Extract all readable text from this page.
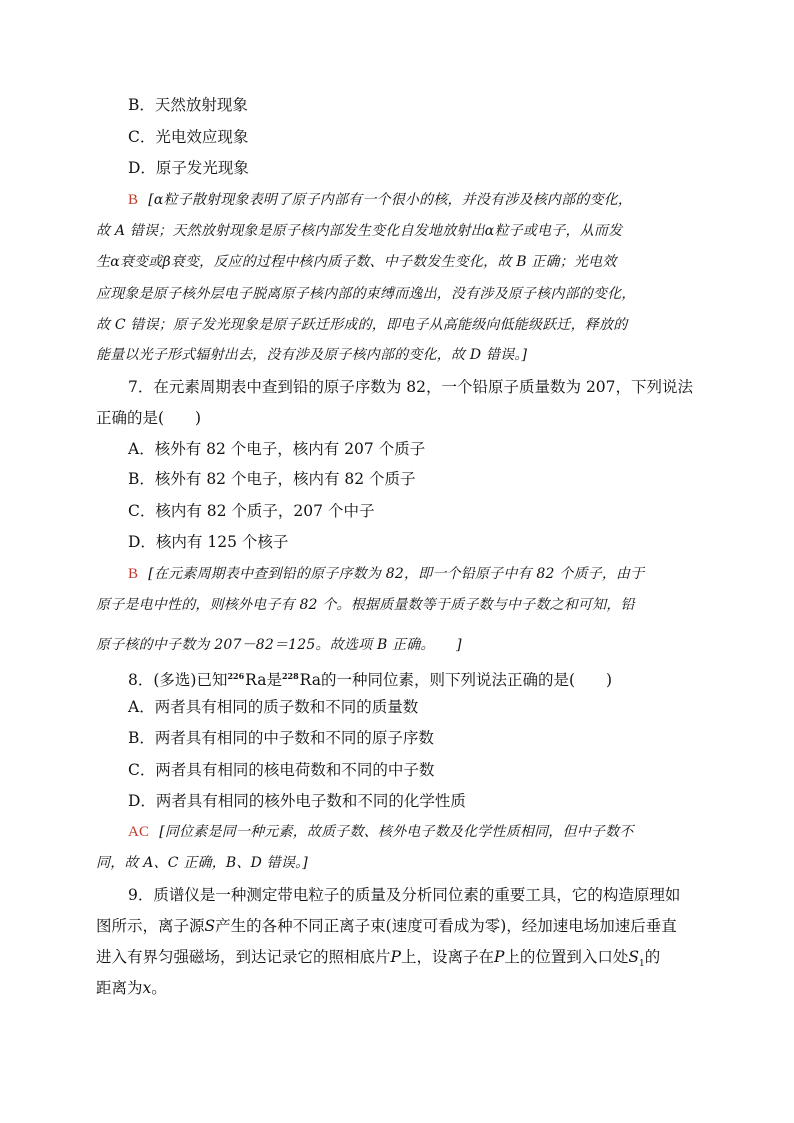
B．天然放射现象
C．光电效应现象
D．原子发光现象
B [α粒子散射现象表明了原子内部有一个很小的核，并没有涉及核内部的变化，
故 A 错误；天然放射现象是原子核内部发生变化自发地放射出α粒子或电子，从而发
生α衰变或β衰变，反应的过程中核内质子数、中子数发生变化，故 B 正确；光电效
应现象是原子核外层电子脱离原子核内部的束缚而逸出，没有涉及原子核内部的变化，
故 C 错误；原子发光现象是原子跃迁形成的，即电子从高能级向低能级跃迁，释放的
能量以光子形式辐射出去，没有涉及原子核内部的变化，故 D 错误。]
7．在元素周期表中查到铅的原子序数为 82，一个铅原子质量数为 207，下列说法
正确的是(　　)
A．核外有 82 个电子，核内有 207 个质子
B．核外有 82 个电子，核内有 82 个质子
C．核内有 82 个质子，207 个中子
D．核内有 125 个核子
B [在元素周期表中查到铅的原子序数为 82，即一个铅原子中有 82 个质子，由于
原子是电中性的，则核外电子有 82 个。根据质量数等于质子数与中子数之和可知，铅
原子核的中子数为 207－82＝125。故选项 B 正确。　　]
8．(多选)已知$^{226}$Ra是$^{228}$Ra的一种同位素，则下列说法正确的是(　　)
A．两者具有相同的质子数和不同的质量数
B．两者具有相同的中子数和不同的原子序数
C．两者具有相同的核电荷数和不同的中子数
D．两者具有相同的核外电子数和不同的化学性质
AC [同位素是同一种元素，故质子数、核外电子数及化学性质相同，但中子数不
同，故 A、C 正确，B、D 错误。]
9．质谱仪是一种测定带电粒子的质量及分析同位素的重要工具，它的构造原理如
图所示，离子源S产生的各种不同正离子束(速度可看成为零)，经加速电场加速后垂直
进入有界匀强磁场，到达记录它的照相底片P上，设离子在P上的位置到入口处$S_1$的
距离为x。
